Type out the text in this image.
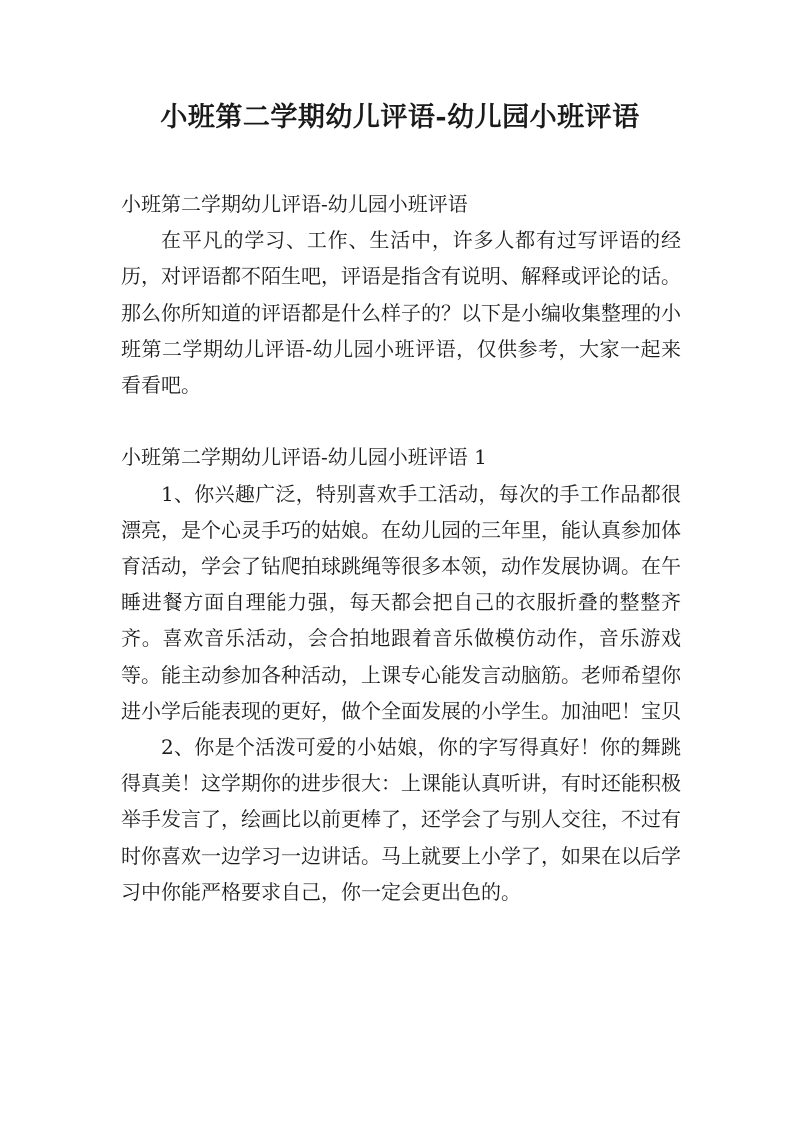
小班第二学期幼儿评语-幼儿园小班评语

小班第二学期幼儿评语-幼儿园小班评语

在平凡的学习、工作、生活中，许多人都有过写评语的经历，对评语都不陌生吧，评语是指含有说明、解释或评论的话。那么你所知道的评语都是什么样子的？以下是小编收集整理的小班第二学期幼儿评语-幼儿园小班评语，仅供参考，大家一起来看看吧。

小班第二学期幼儿评语-幼儿园小班评语 1

1、你兴趣广泛，特别喜欢手工活动，每次的手工作品都很漂亮，是个心灵手巧的姑娘。在幼儿园的三年里，能认真参加体育活动，学会了钻爬拍球跳绳等很多本领，动作发展协调。在午睡进餐方面自理能力强，每天都会把自己的衣服折叠的整整齐齐。喜欢音乐活动，会合拍地跟着音乐做模仿动作，音乐游戏等。能主动参加各种活动，上课专心能发言动脑筋。老师希望你进小学后能表现的更好，做个全面发展的小学生。加油吧！宝贝

2、你是个活泼可爱的小姑娘，你的字写得真好！你的舞跳得真美！这学期你的进步很大：上课能认真听讲，有时还能积极举手发言了，绘画比以前更棒了，还学会了与别人交往，不过有时你喜欢一边学习一边讲话。马上就要上小学了，如果在以后学习中你能严格要求自己，你一定会更出色的。
